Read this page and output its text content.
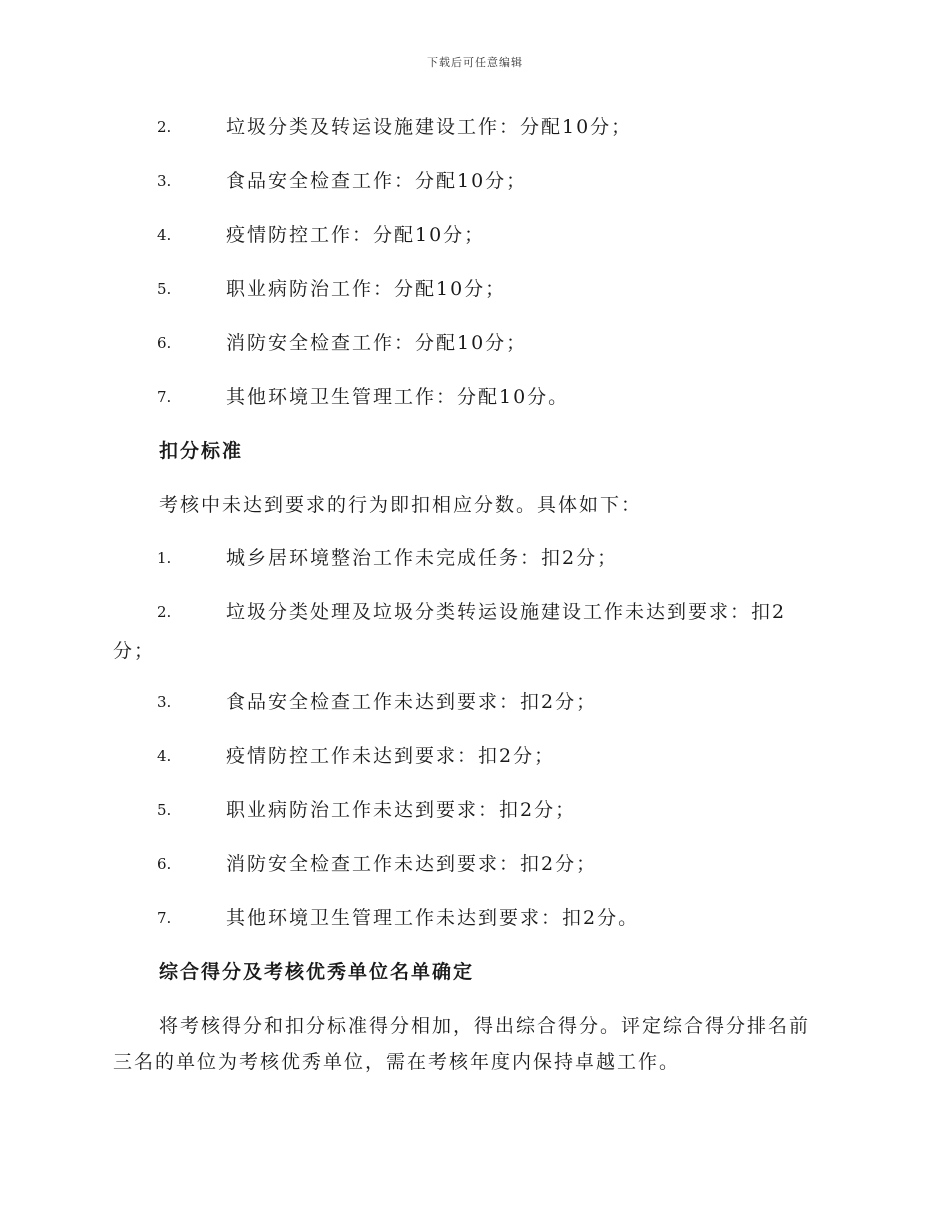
下载后可任意编辑
2.	垃圾分类及转运设施建设工作：分配10分；
3.	食品安全检查工作：分配10分；
4.	疫情防控工作：分配10分；
5.	职业病防治工作：分配10分；
6.	消防安全检查工作：分配10分；
7.	其他环境卫生管理工作：分配10分。
扣分标准
考核中未达到要求的行为即扣相应分数。具体如下：
1.	城乡居环境整治工作未完成任务：扣2分；
2.	垃圾分类处理及垃圾分类转运设施建设工作未达到要求：扣2
分；
3.	食品安全检查工作未达到要求：扣2分；
4.	疫情防控工作未达到要求：扣2分；
5.	职业病防治工作未达到要求：扣2分；
6.	消防安全检查工作未达到要求：扣2分；
7.	其他环境卫生管理工作未达到要求：扣2分。
综合得分及考核优秀单位名单确定
将考核得分和扣分标准得分相加，得出综合得分。评定综合得分排名前
三名的单位为考核优秀单位，需在考核年度内保持卓越工作。
